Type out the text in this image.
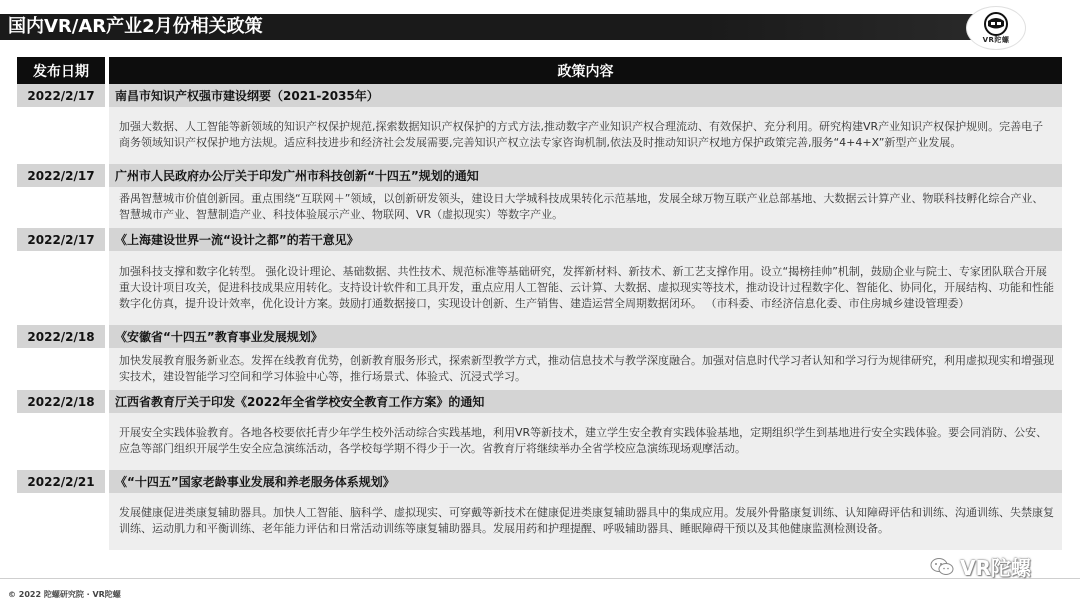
国内VR/AR产业2月份相关政策
VR陀螺
发布日期	政策内容
2022/2/17	南昌市知识产权强市建设纲要（2021-2035年）
加强大数据、人工智能等新领域的知识产权保护规范,探索数据知识产权保护的方式方法,推动数字产业知识产权合理流动、有效保护、充分利用。研究构建VR产业知识产权保护规则。完善电子商务领域知识产权保护地方法规。适应科技进步和经济社会发展需要,完善知识产权立法专家咨询机制,依法及时推动知识产权地方保护政策完善,服务“4+4+X”新型产业发展。
2022/2/17	广州市人民政府办公厅关于印发广州市科技创新“十四五”规划的通知
番禺智慧城市价值创新园。重点围绕“互联网＋”领域，以创新研发领头，建设日大学城科技成果转化示范基地，发展全球万物互联产业总部基地、大数据云计算产业、物联科技孵化综合产业、智慧城市产业、智慧制造产业、科技体验展示产业、物联网、VR（虚拟现实）等数字产业。
2022/2/17	《上海建设世界一流“设计之都”的若干意见》
加强科技支撑和数字化转型。 强化设计理论、基础数据、共性技术、规范标准等基础研究，发挥新材料、新技术、新工艺支撑作用。设立“揭榜挂帅”机制，鼓励企业与院士、专家团队联合开展重大设计项目攻关，促进科技成果应用转化。支持设计软件和工具开发，重点应用人工智能、云计算、大数据、虚拟现实等技术，推动设计过程数字化、智能化、协同化，开展结构、功能和性能数字化仿真，提升设计效率，优化设计方案。鼓励打通数据接口，实现设计创新、生产销售、建造运营全周期数据闭环。 （市科委、市经济信息化委、市住房城乡建设管理委）
2022/2/18	《安徽省“十四五”教育事业发展规划》
加快发展教育服务新业态。发挥在线教育优势，创新教育服务形式，探索新型教学方式，推动信息技术与教学深度融合。加强对信息时代学习者认知和学习行为规律研究，利用虚拟现实和增强现实技术，建设智能学习空间和学习体验中心等，推行场景式、体验式、沉浸式学习。
2022/2/18	江西省教育厅关于印发《2022年全省学校安全教育工作方案》的通知
开展安全实践体验教育。各地各校要依托青少年学生校外活动综合实践基地，利用VR等新技术，建立学生安全教育实践体验基地，定期组织学生到基地进行安全实践体验。要会同消防、公安、应急等部门组织开展学生安全应急演练活动，各学校每学期不得少于一次。省教育厅将继续举办全省学校应急演练现场观摩活动。
2022/2/21	《“十四五”国家老龄事业发展和养老服务体系规划》
发展健康促进类康复辅助器具。加快人工智能、脑科学、虚拟现实、可穿戴等新技术在健康促进类康复辅助器具中的集成应用。发展外骨骼康复训练、认知障碍评估和训练、沟通训练、失禁康复训练、运动肌力和平衡训练、老年能力评估和日常活动训练等康复辅助器具。发展用药和护理提醒、呼吸辅助器具、睡眠障碍干预以及其他健康监测检测设备。
© 2022 陀螺研究院 · VR陀螺
VR陀螺
